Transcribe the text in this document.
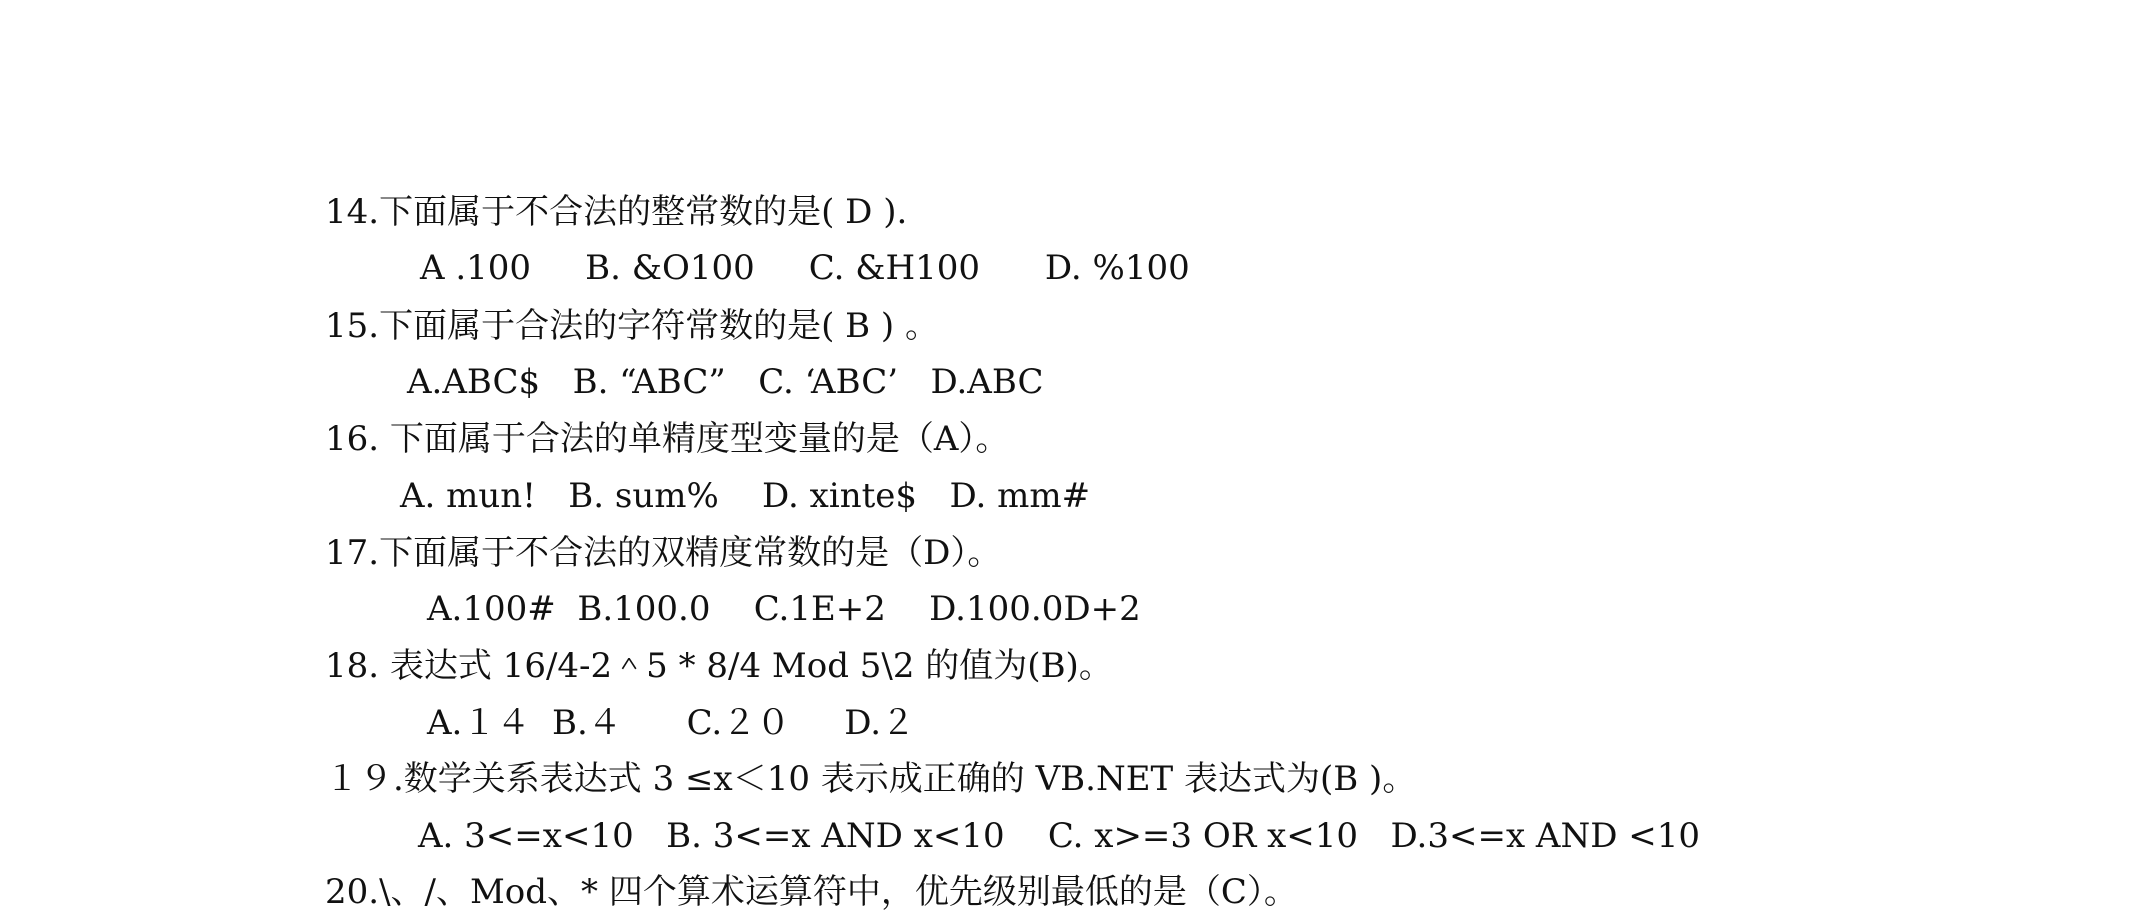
14.下面属于不合法的整常数的是( D ).
A .100     B. &O100     C. &H100      D. %100
15.下面属于合法的字符常数的是( B ) 。
A.ABC$   B. “ABC”   C. ‘ABC’   D.ABC
16. 下面属于合法的单精度型变量的是（A）。
A. mun!   B. sum%    D. xinte$   D. mm#
17.下面属于不合法的双精度常数的是（D）。
A.100#  B.100.0    C.1E+2    D.100.0D+2
18. 表达式 16/4-2＾5 * 8/4 Mod 5\2 的值为(B)。
A.１４  B.４      C.２０     D.２
１９.数学关系表达式 3 ≤x＜10 表示成正确的 VB.NET 表达式为(B )。
A. 3<=x<10   B. 3<=x AND x<10    C. x>=3 OR x<10   D.3<=x AND <10
20.\、/、Mod、* 四个算术运算符中，优先级别最低的是（C）。
